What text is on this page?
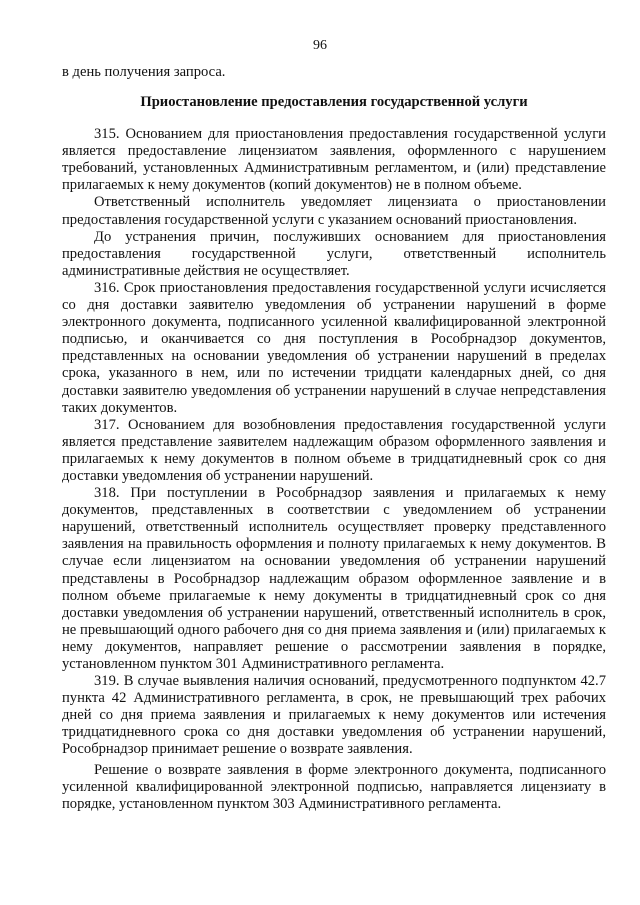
96

в день получения запроса.

Приостановление предоставления государственной услуги

315. Основанием для приостановления предоставления государственной услуги является предоставление лицензиатом заявления, оформленного с нарушением требований, установленных Административным регламентом, и (или) представление прилагаемых к нему документов (копий документов) не в полном объеме.

Ответственный исполнитель уведомляет лицензиата о приостановлении предоставления государственной услуги с указанием оснований приостановления.

До устранения причин, послуживших основанием для приостановления предоставления государственной услуги, ответственный исполнитель административные действия не осуществляет.

316. Срок приостановления предоставления государственной услуги исчисляется со дня доставки заявителю уведомления об устранении нарушений в форме электронного документа, подписанного усиленной квалифицированной электронной подписью, и оканчивается со дня поступления в Рособрнадзор документов, представленных на основании уведомления об устранении нарушений в пределах срока, указанного в нем, или по истечении тридцати календарных дней, со дня доставки заявителю уведомления об устранении нарушений в случае непредставления таких документов.

317. Основанием для возобновления предоставления государственной услуги является представление заявителем надлежащим образом оформленного заявления и прилагаемых к нему документов в полном объеме в тридцатидневный срок со дня доставки уведомления об устранении нарушений.

318. При поступлении в Рособрнадзор заявления и прилагаемых к нему документов, представленных в соответствии с уведомлением об устранении нарушений, ответственный исполнитель осуществляет проверку представленного заявления на правильность оформления и полноту прилагаемых к нему документов. В случае если лицензиатом на основании уведомления об устранении нарушений представлены в Рособрнадзор надлежащим образом оформленное заявление и в полном объеме прилагаемые к нему документы в тридцатидневный срок со дня доставки уведомления об устранении нарушений, ответственный исполнитель в срок, не превышающий одного рабочего дня со дня приема заявления и (или) прилагаемых к нему документов, направляет решение о рассмотрении заявления в порядке, установленном пунктом 301 Административного регламента.

319. В случае выявления наличия оснований, предусмотренного подпунктом 42.7 пункта 42 Административного регламента, в срок, не превышающий трех рабочих дней со дня приема заявления и прилагаемых к нему документов или истечения тридцатидневного срока со дня доставки уведомления об устранении нарушений, Рособрнадзор принимает решение о возврате заявления.

Решение о возврате заявления в форме электронного документа, подписанного усиленной квалифицированной электронной подписью, направляется лицензиату в порядке, установленном пунктом 303 Административного регламента.
